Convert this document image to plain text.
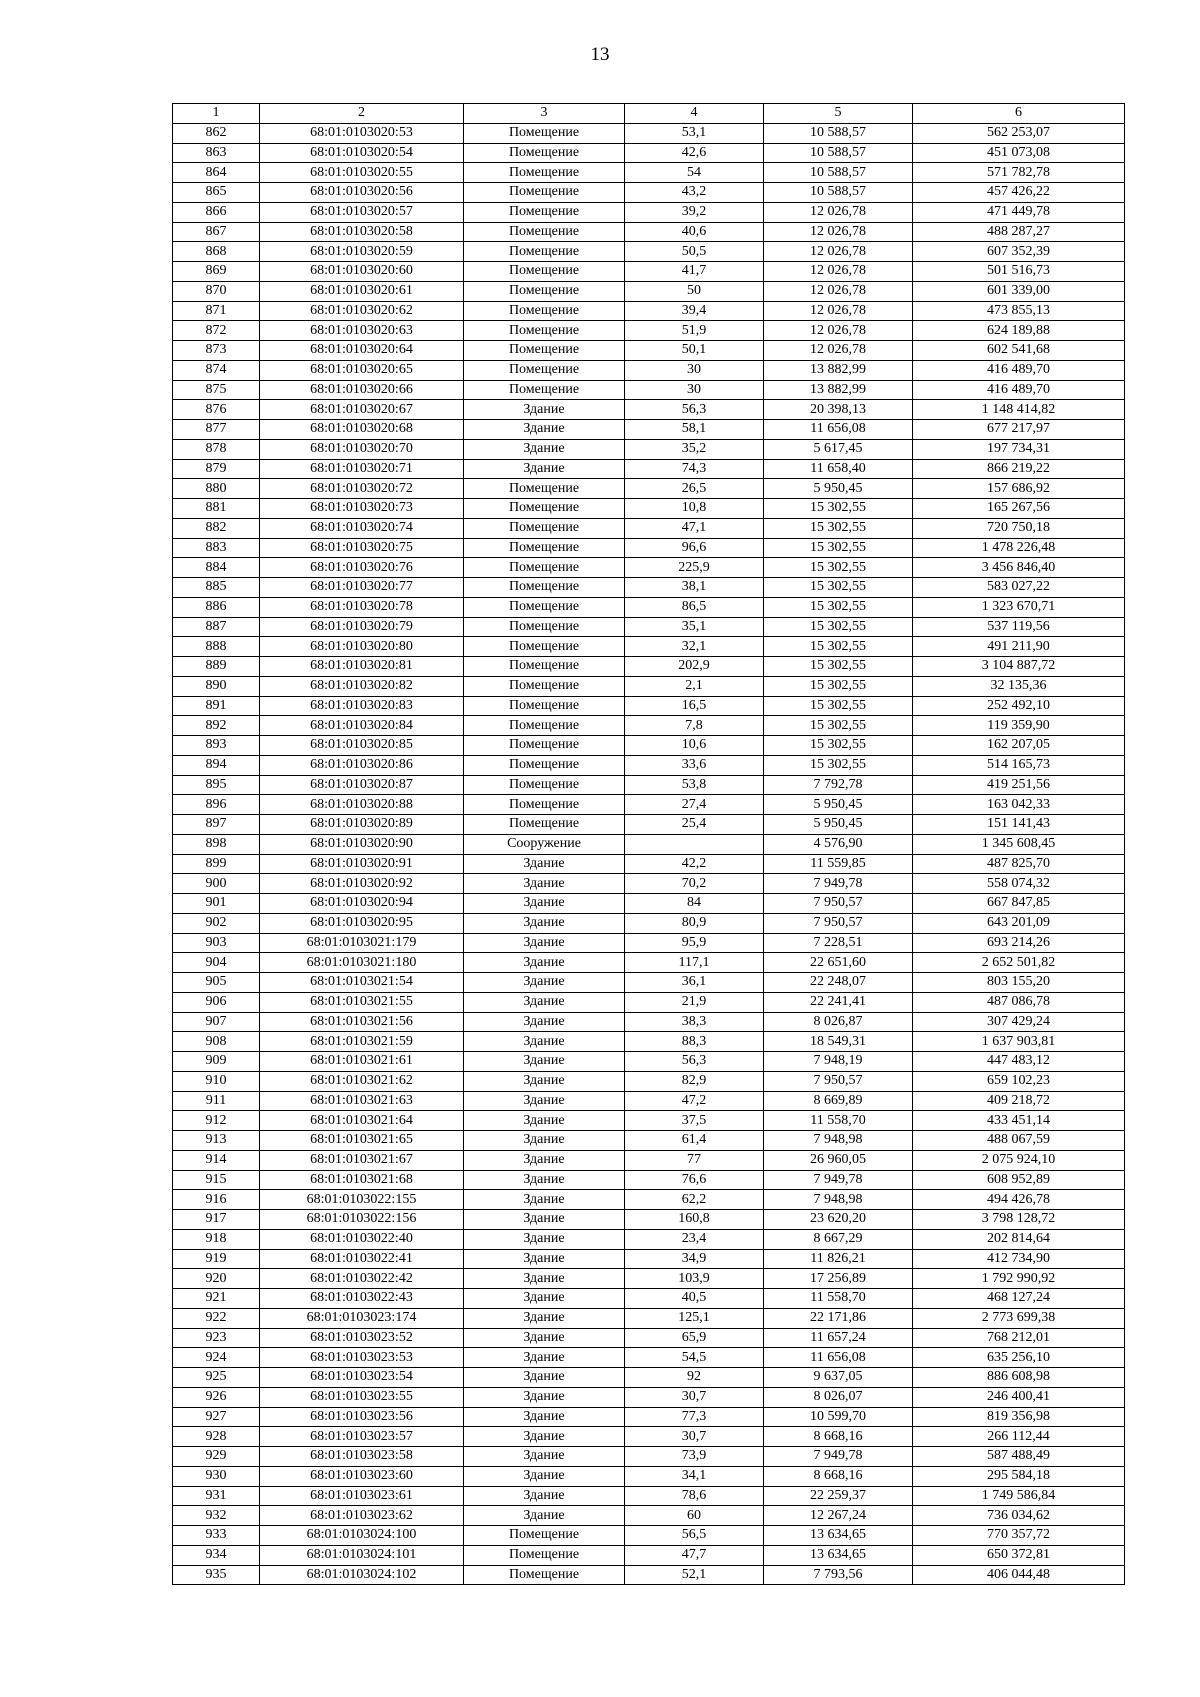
13
1	2	3	4	5	6
862	68:01:0103020:53	Помещение	53,1	10 588,57	562 253,07
863	68:01:0103020:54	Помещение	42,6	10 588,57	451 073,08
864	68:01:0103020:55	Помещение	54	10 588,57	571 782,78
865	68:01:0103020:56	Помещение	43,2	10 588,57	457 426,22
866	68:01:0103020:57	Помещение	39,2	12 026,78	471 449,78
867	68:01:0103020:58	Помещение	40,6	12 026,78	488 287,27
868	68:01:0103020:59	Помещение	50,5	12 026,78	607 352,39
869	68:01:0103020:60	Помещение	41,7	12 026,78	501 516,73
870	68:01:0103020:61	Помещение	50	12 026,78	601 339,00
871	68:01:0103020:62	Помещение	39,4	12 026,78	473 855,13
872	68:01:0103020:63	Помещение	51,9	12 026,78	624 189,88
873	68:01:0103020:64	Помещение	50,1	12 026,78	602 541,68
874	68:01:0103020:65	Помещение	30	13 882,99	416 489,70
875	68:01:0103020:66	Помещение	30	13 882,99	416 489,70
876	68:01:0103020:67	Здание	56,3	20 398,13	1 148 414,82
877	68:01:0103020:68	Здание	58,1	11 656,08	677 217,97
878	68:01:0103020:70	Здание	35,2	5 617,45	197 734,31
879	68:01:0103020:71	Здание	74,3	11 658,40	866 219,22
880	68:01:0103020:72	Помещение	26,5	5 950,45	157 686,92
881	68:01:0103020:73	Помещение	10,8	15 302,55	165 267,56
882	68:01:0103020:74	Помещение	47,1	15 302,55	720 750,18
883	68:01:0103020:75	Помещение	96,6	15 302,55	1 478 226,48
884	68:01:0103020:76	Помещение	225,9	15 302,55	3 456 846,40
885	68:01:0103020:77	Помещение	38,1	15 302,55	583 027,22
886	68:01:0103020:78	Помещение	86,5	15 302,55	1 323 670,71
887	68:01:0103020:79	Помещение	35,1	15 302,55	537 119,56
888	68:01:0103020:80	Помещение	32,1	15 302,55	491 211,90
889	68:01:0103020:81	Помещение	202,9	15 302,55	3 104 887,72
890	68:01:0103020:82	Помещение	2,1	15 302,55	32 135,36
891	68:01:0103020:83	Помещение	16,5	15 302,55	252 492,10
892	68:01:0103020:84	Помещение	7,8	15 302,55	119 359,90
893	68:01:0103020:85	Помещение	10,6	15 302,55	162 207,05
894	68:01:0103020:86	Помещение	33,6	15 302,55	514 165,73
895	68:01:0103020:87	Помещение	53,8	7 792,78	419 251,56
896	68:01:0103020:88	Помещение	27,4	5 950,45	163 042,33
897	68:01:0103020:89	Помещение	25,4	5 950,45	151 141,43
898	68:01:0103020:90	Сооружение		4 576,90	1 345 608,45
899	68:01:0103020:91	Здание	42,2	11 559,85	487 825,70
900	68:01:0103020:92	Здание	70,2	7 949,78	558 074,32
901	68:01:0103020:94	Здание	84	7 950,57	667 847,85
902	68:01:0103020:95	Здание	80,9	7 950,57	643 201,09
903	68:01:0103021:179	Здание	95,9	7 228,51	693 214,26
904	68:01:0103021:180	Здание	117,1	22 651,60	2 652 501,82
905	68:01:0103021:54	Здание	36,1	22 248,07	803 155,20
906	68:01:0103021:55	Здание	21,9	22 241,41	487 086,78
907	68:01:0103021:56	Здание	38,3	8 026,87	307 429,24
908	68:01:0103021:59	Здание	88,3	18 549,31	1 637 903,81
909	68:01:0103021:61	Здание	56,3	7 948,19	447 483,12
910	68:01:0103021:62	Здание	82,9	7 950,57	659 102,23
911	68:01:0103021:63	Здание	47,2	8 669,89	409 218,72
912	68:01:0103021:64	Здание	37,5	11 558,70	433 451,14
913	68:01:0103021:65	Здание	61,4	7 948,98	488 067,59
914	68:01:0103021:67	Здание	77	26 960,05	2 075 924,10
915	68:01:0103021:68	Здание	76,6	7 949,78	608 952,89
916	68:01:0103022:155	Здание	62,2	7 948,98	494 426,78
917	68:01:0103022:156	Здание	160,8	23 620,20	3 798 128,72
918	68:01:0103022:40	Здание	23,4	8 667,29	202 814,64
919	68:01:0103022:41	Здание	34,9	11 826,21	412 734,90
920	68:01:0103022:42	Здание	103,9	17 256,89	1 792 990,92
921	68:01:0103022:43	Здание	40,5	11 558,70	468 127,24
922	68:01:0103023:174	Здание	125,1	22 171,86	2 773 699,38
923	68:01:0103023:52	Здание	65,9	11 657,24	768 212,01
924	68:01:0103023:53	Здание	54,5	11 656,08	635 256,10
925	68:01:0103023:54	Здание	92	9 637,05	886 608,98
926	68:01:0103023:55	Здание	30,7	8 026,07	246 400,41
927	68:01:0103023:56	Здание	77,3	10 599,70	819 356,98
928	68:01:0103023:57	Здание	30,7	8 668,16	266 112,44
929	68:01:0103023:58	Здание	73,9	7 949,78	587 488,49
930	68:01:0103023:60	Здание	34,1	8 668,16	295 584,18
931	68:01:0103023:61	Здание	78,6	22 259,37	1 749 586,84
932	68:01:0103023:62	Здание	60	12 267,24	736 034,62
933	68:01:0103024:100	Помещение	56,5	13 634,65	770 357,72
934	68:01:0103024:101	Помещение	47,7	13 634,65	650 372,81
935	68:01:0103024:102	Помещение	52,1	7 793,56	406 044,48
